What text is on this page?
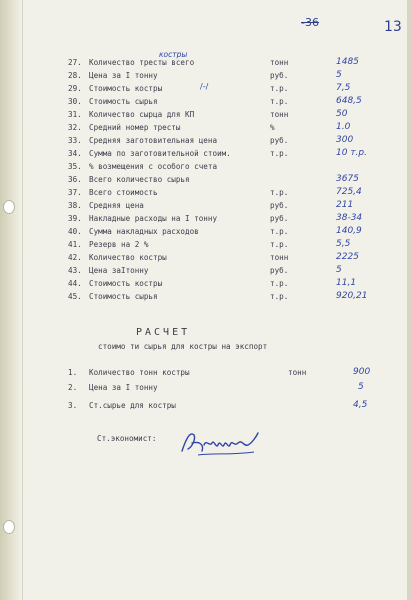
-36	13
костры
/-/
27. Количество тресты всего	тонн	1485
28. Цена за I тонну	руб.	5
29. Стоимость костры	т.р.	7,5
30. Стоимость сырья	т.р.	648,5
31. Количество сырца для КП	тонн	50
32. Средний номер тресты	%	1.0
33. Средняя заготовительная цена	руб.	300
34. Сумма по заготовительной стоим.	т.р.	10 т.р.
35. % возмещения с особого счета
36. Всего количество сырья	3675
37. Всего стоимость	т.р.	725,4
38. Средняя цена	руб.	211
39. Накладные расходы на I тонну	руб.	38-34
40. Сумма накладных расходов	т.р.	140,9
41. Резерв на 2 %	т.р.	5,5
42. Количество костры	тонн	2225
43. Цена заIтонну	руб.	5
44. Стоимость костры	т.р.	11,1
45. Стоимость сырья	т.р.	920,21
РАСЧЕТ
стоимо ти сырья для костры на экспорт
1. Количество тонн костры	тонн	900
2. Цена за I тонну	5
3. Ст.сырье для костры	4,5
Ст.экономист:
